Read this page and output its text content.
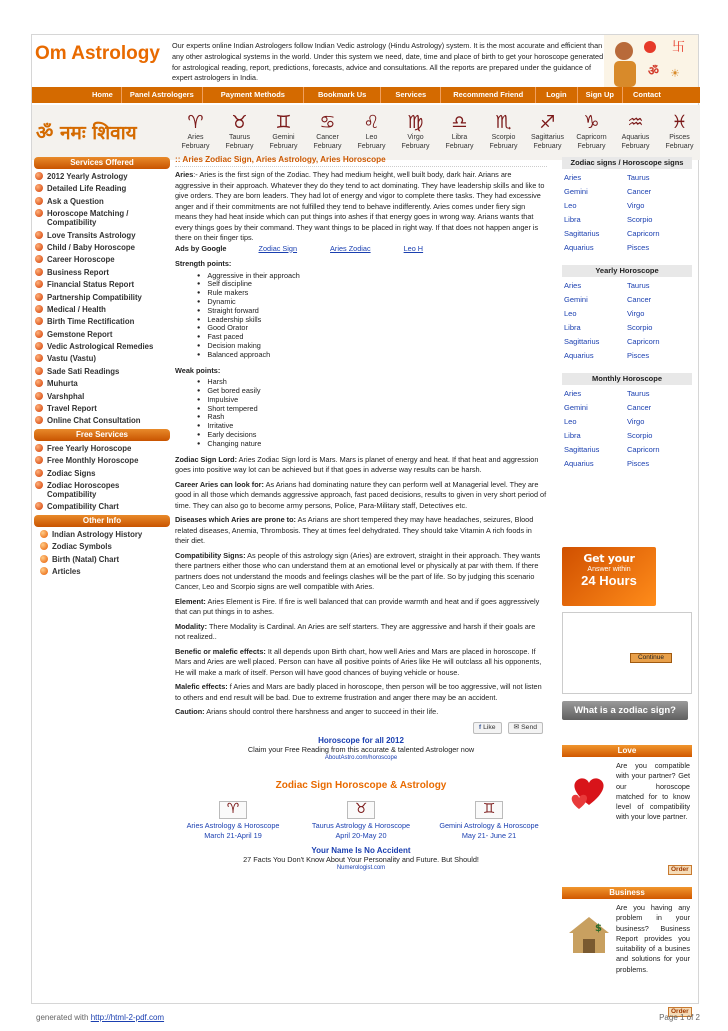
Om Astrology Our experts online Indian Astrologers follow Indian Vedic astrology (Hindu Astrology) system. It is the most accurate and efficient than any other astrological systems in the world. Under this system we need, date, time and place of birth to get your horoscope generated for astrological reading, report, predictions, forecasts, advice and consultations. All the reports are prepared under the guidance of expert astrologers in India.	ॐ
卐
☀
Home	Panel Astrologers	Payment Methods	Bookmark Us	Services	Recommend Friend	Login	Sign Up	Contact
ॐ नमः शिवाय	♈
Aries
February
♉
Taurus
February
♊
Gemini
February
♋
Cancer
February
♌
Leo
February
♍
Virgo
February
♎
Libra
February
♏
Scorpio
February
♐
Sagittarius
February
♑
Capricorn
February
♒
Aquarius
February
♓
Pisces
February
Services Offered
2012 Yearly Astrology
Detailed Life Reading
Ask a Question
Horoscope Matching / Compatibility
Love Transits Astrology
Child / Baby Horoscope
Career Horoscope
Business Report
Financial Status Report
Partnership Compatibility
Medical / Health
Birth Time Rectification
Gemstone Report
Vedic Astrological Remedies
Vastu (Vastu)
Sade Sati Readings
Muhurta
Varshphal
Travel Report
Online Chat Consultation
Free Services
Free Yearly Horoscope
Free Monthly Horoscope
Zodiac Signs
Zodiac Horoscopes Compatibility
Compatibility Chart
Other Info
Indian Astrology History
Zodiac Symbols
Birth (Natal) Chart
Articles
:: Aries Zodiac Sign, Aries Astrology, Aries Horoscope

Aries:- Aries is the first sign of the Zodiac. They had medium height, well built body, dark hair. Arians are aggressive in their approach. Whatever they do they tend to act dominating. They have leadership skills and like to give orders. They are born leaders. They had lot of energy and vigor to complete there tasks. They had excessive anger and if their commitments are not fulfilled they tend to behave indifferently. Aries comes under fiery sign means they had heat inside which can put things into ashes if that energy goes in wrong way. Arians wants that every things goes by their command. They want things to be placed in right way. If that does not happen anger is there on their finger tips.

Ads by Google	Zodiac Sign	Aries Zodiac	Leo H
Strength points:
● Aggressive in their approach
● Self discipline
● Rule makers
● Dynamic
● Straight forward
● Leadership skills
● Good Orator
● Fast paced
● Decision making
● Balanced approach
Weak points:
● Harsh
● Get bored easily
● Impulsive
● Short tempered
● Rash
● Irritative
● Early decisions
● Changing nature

Zodiac Sign Lord: Aries Zodiac Sign lord is Mars. Mars is planet of energy and heat. If that heat and aggression goes into positive way lot can be achieved but if that goes in adverse way results can be harsh.

Career Aries can look for: As Arians had dominating nature they can perform well at Managerial level. They are good in all those which demands aggressive approach, fast paced decisions, results to given in very short period of time. They can also go to become army persons, Police, Para-Military staff, Detectives etc.

Diseases which Aries are prone to: As Arians are short tempered they may have headaches, seizures, Blood related diseases, Anemia, Thrombosis. They at times feel dehydrated. They should take Vitamin A rich foods in their diet.

Compatibility Signs: As people of this astrology sign (Aries) are extrovert, straight in their approach. They wants there partners either those who can understand them at an emotional level or physically at par with them. If there partners does not understand the moods and feelings clashes will be the part of life. So by judging this scenario Cancer, Leo and Scorpio signs are well compatible with Aries.

Element: Aries Element is Fire. If fire is well balanced that can provide warmth and heat and if goes aggressively that can put things in to ashes.

Modality: There Modality is Cardinal. An Aries are self starters. They are aggressive and harsh if their goals are not realized..

Benefic or malefic effects: It all depends upon Birth chart, how well Aries and Mars are placed in horoscope. If Mars and Aries are well placed. Person can have all positive points of Aries like He will outclass all his opponents, He will make a mark of itself. Person will have good chances of buying vehicle or house.

Malefic effects: f Aries and Mars are badly placed in horoscope, then person will be too aggressive, will not listen to others and end result will be bad. Due to extreme frustration and anger there may be an accident.

Caution: Arians should control there harshness and anger to succeed in their life.

f Like	✉ Send
Horoscope for all 2012
Claim your Free Reading from this accurate & talented Astrologer now
AboutAstro.com/horoscope
Zodiac Sign Horoscope & Astrology
♈
Aries Astrology & Horoscope
March 21-April 19
♉
Taurus Astrology & Horoscope
April 20-May 20
♊
Gemini Astrology & Horoscope
May 21- June 21
Your Name Is No Accident
27 Facts You Don't Know About Your Personality and Future. But Should!
Numerologist.com
Zodiac signs / Horoscope signs
Aries	Taurus
Gemini	Cancer
Leo	Virgo
Libra	Scorpio
Sagittarius	Capricorn
Aquarius	Pisces
Yearly Horoscope
Aries	Taurus
Gemini	Cancer
Leo	Virgo
Libra	Scorpio
Sagittarius	Capricorn
Aquarius	Pisces
Monthly Horoscope
Aries	Taurus
Gemini	Cancer
Leo	Virgo
Libra	Scorpio
Sagittarius	Capricorn
Aquarius	Pisces
Get your
Answer within
24 Hours
Continue
What is a zodiac sign?
Love
Are you compatible with your partner? Get our horoscope matched for to know level of compatibility with your love partner.
Order
Business
$
Are you having any problem in your business? Business Report provides you suitability of a busines and solutions for your problems.
Order
generated with http://html-2-pdf.com	Page 1 of 2
